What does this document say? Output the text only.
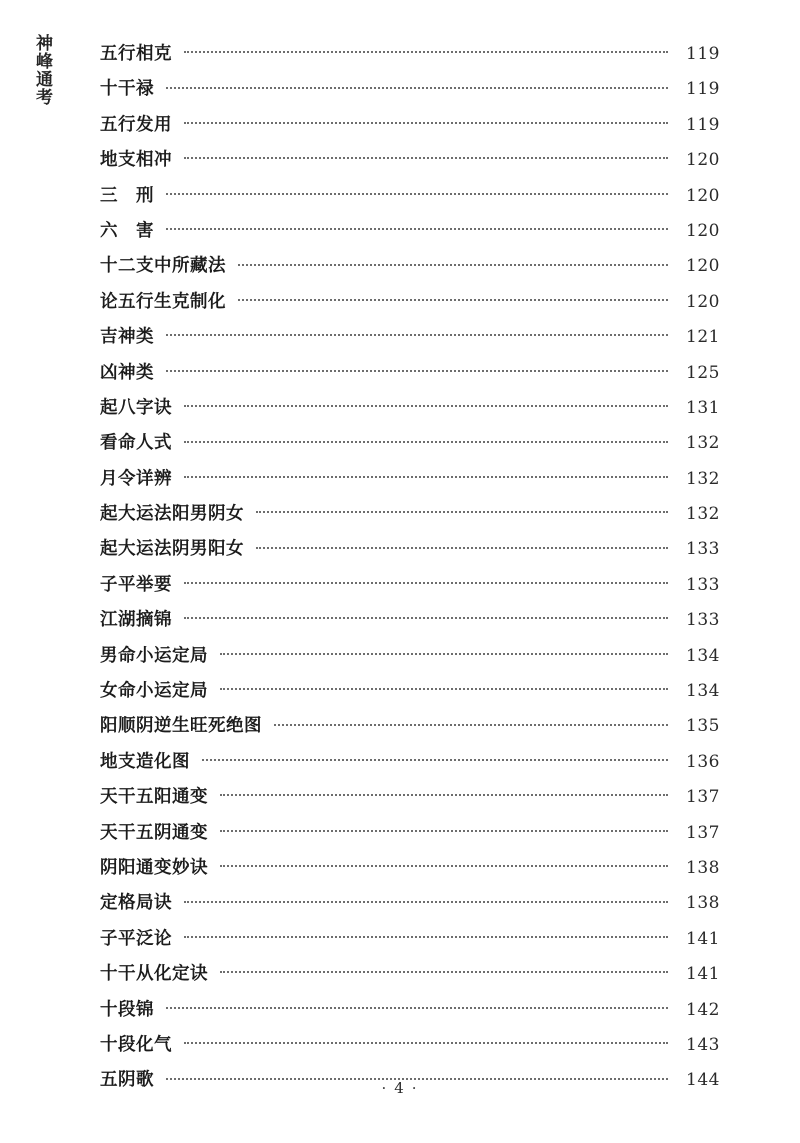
神峰通考	五行相克	119
十干禄	119
五行发用	119
地支相冲	120
三　刑	120
六　害	120
十二支中所藏法	120
论五行生克制化	120
吉神类	121
凶神类	125
起八字诀	131
看命人式	132
月令详辨	132
起大运法阳男阴女	132
起大运法阴男阳女	133
子平举要	133
江湖摘锦	133
男命小运定局	134
女命小运定局	134
阳顺阴逆生旺死绝图	135
地支造化图	136
天干五阳通变	137
天干五阴通变	137
阴阳通变妙诀	138
定格局诀	138
子平泛论	141
十干从化定诀	141
十段锦	142
十段化气	143
五阴歌	144
· 4 ·
